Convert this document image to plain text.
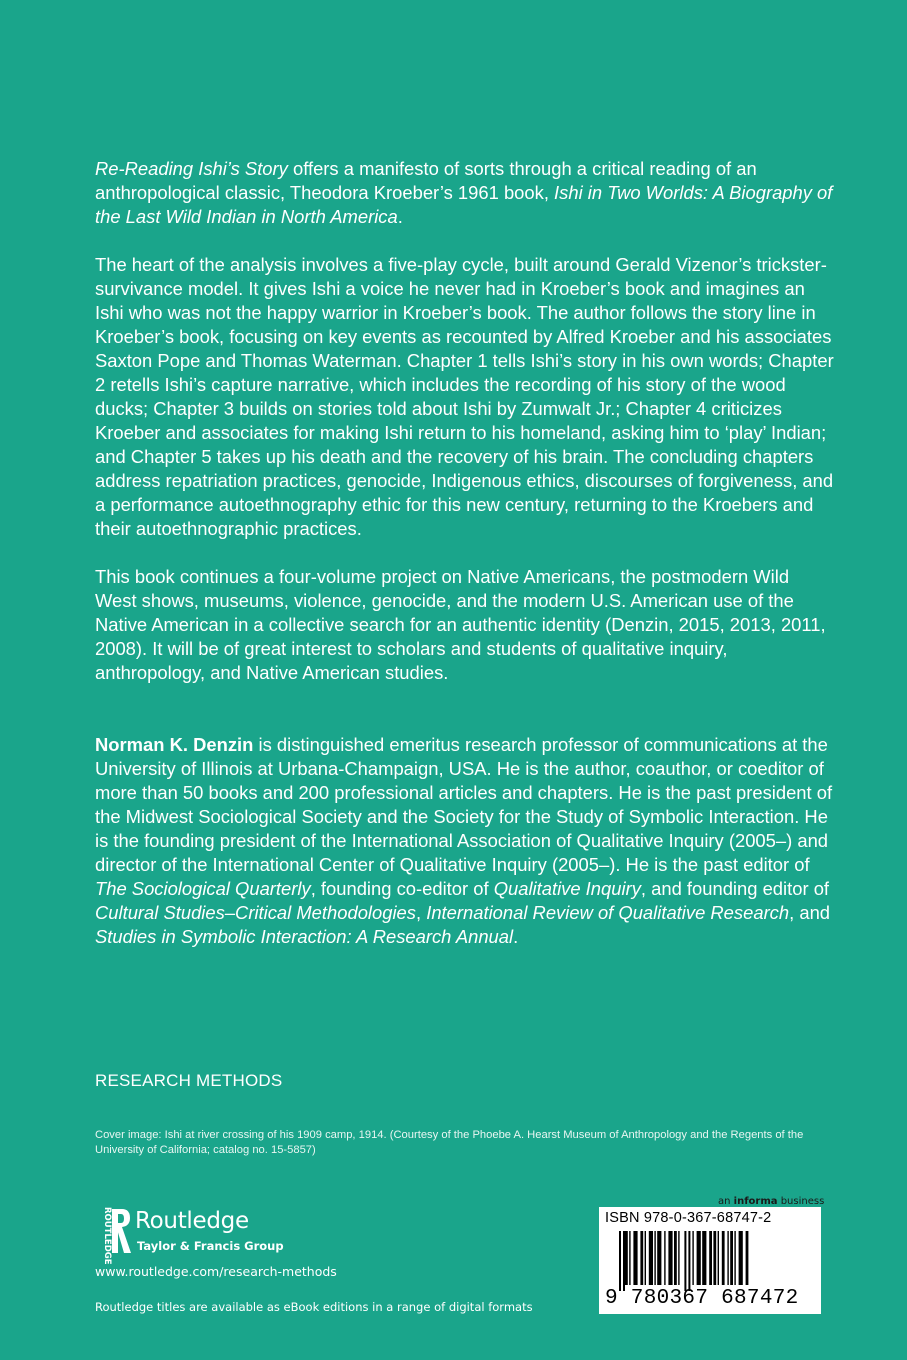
Re-Reading Ishi’s Story offers a manifesto of sorts through a critical reading of an anthropological classic, Theodora Kroeber’s 1961 book, Ishi in Two Worlds: A Biography of the Last Wild Indian in North America.

The heart of the analysis involves a five-play cycle, built around Gerald Vizenor’s trickster-survivance model. It gives Ishi a voice he never had in Kroeber’s book and imagines an Ishi who was not the happy warrior in Kroeber’s book. The author follows the story line in Kroeber’s book, focusing on key events as recounted by Alfred Kroeber and his associates Saxton Pope and Thomas Waterman. Chapter 1 tells Ishi’s story in his own words; Chapter 2 retells Ishi’s capture narrative, which includes the recording of his story of the wood ducks; Chapter 3 builds on stories told about Ishi by Zumwalt Jr.; Chapter 4 criticizes Kroeber and associates for making Ishi return to his homeland, asking him to ‘play’ Indian; and Chapter 5 takes up his death and the recovery of his brain. The concluding chapters address repatriation practices, genocide, Indigenous ethics, discourses of forgiveness, and a performance autoethnography ethic for this new century, returning to the Kroebers and their autoethnographic practices.

This book continues a four-volume project on Native Americans, the postmodern Wild West shows, museums, violence, genocide, and the modern U.S. American use of the Native American in a collective search for an authentic identity (Denzin, 2015, 2013, 2011, 2008). It will be of great interest to scholars and students of qualitative inquiry, anthropology, and Native American studies.

Norman K. Denzin is distinguished emeritus research professor of communications at the University of Illinois at Urbana-Champaign, USA. He is the author, coauthor, or coeditor of more than 50 books and 200 professional articles and chapters. He is the past president of the Midwest Sociological Society and the Society for the Study of Symbolic Interaction. He is the founding president of the International Association of Qualitative Inquiry (2005–) and director of the International Center of Qualitative Inquiry (2005–). He is the past editor of The Sociological Quarterly, founding co-editor of Qualitative Inquiry, and founding editor of Cultural Studies–Critical Methodologies, International Review of Qualitative Research, and Studies in Symbolic Interaction: A Research Annual.

RESEARCH METHODS
Cover image: Ishi at river crossing of his 1909 camp, 1914. (Courtesy of the Phoebe A. Hearst Museum of Anthropology and the Regents of the University of California; catalog no. 15-5857)
ROUTLEDGE Routledge
Taylor & Francis Group
www.routledge.com/research-methods
Routledge titles are available as eBook editions in a range of digital formats
an informa business
ISBN 978-0-367-68747-2
9 780367 687472
